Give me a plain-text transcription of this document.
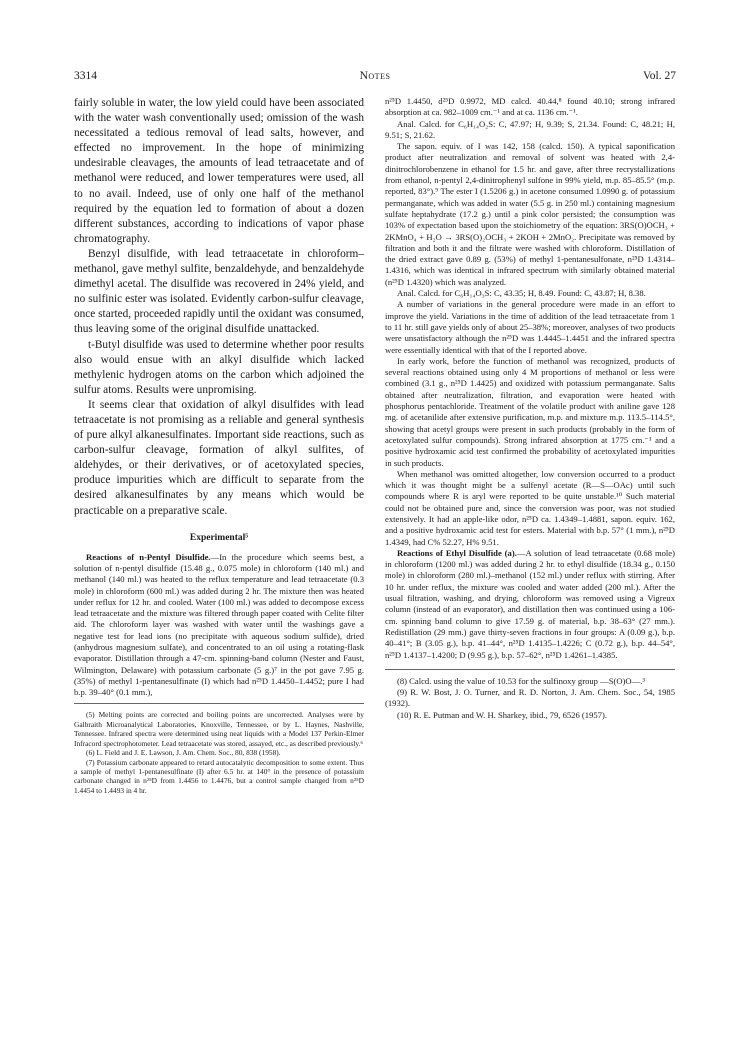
3314	Notes	Vol. 27

fairly soluble in water, the low yield could have been associated with the water wash conventionally used; omission of the wash necessitated a tedious removal of lead salts, however, and effected no improvement. In the hope of minimizing undesirable cleavages, the amounts of lead tetraacetate and of methanol were reduced, and lower temperatures were used, all to no avail. Indeed, use of only one half of the methanol required by the equation led to formation of about a dozen different substances, according to indications of vapor phase chromatography.

Benzyl disulfide, with lead tetraacetate in chloroform–methanol, gave methyl sulfite, benzaldehyde, and benzaldehyde dimethyl acetal. The disulfide was recovered in 24% yield, and no sulfinic ester was isolated. Evidently carbon-sulfur cleavage, once started, proceeded rapidly until the oxidant was consumed, thus leaving some of the original disulfide unattacked.

t-Butyl disulfide was used to determine whether poor results also would ensue with an alkyl disulfide which lacked methylenic hydrogen atoms on the carbon which adjoined the sulfur atoms. Results were unpromising.

It seems clear that oxidation of alkyl disulfides with lead tetraacetate is not promising as a reliable and general synthesis of pure alkyl alkanesulfinates. Important side reactions, such as carbon-sulfur cleavage, formation of alkyl sulfites, of aldehydes, or their derivatives, or of acetoxylated species, produce impurities which are difficult to separate from the desired alkanesulfinates by any means which would be practicable on a preparative scale.

Experimental⁵

Reactions of n-Pentyl Disulfide.—In the procedure which seems best, a solution of n-pentyl disulfide (15.48 g., 0.075 mole) in chloroform (140 ml.) and methanol (140 ml.) was heated to the reflux temperature and lead tetraacetate (0.3 mole) in chloroform (600 ml.) was added during 2 hr. The mixture then was heated under reflux for 12 hr. and cooled. Water (100 ml.) was added to decompose excess lead tetraacetate and the mixture was filtered through paper coated with Celite filter aid. The chloroform layer was washed with water until the washings gave a negative test for lead ions (no precipitate with aqueous sodium sulfide), dried (anhydrous magnesium sulfate), and concentrated to an oil using a rotating-flask evaporator. Distillation through a 47-cm. spinning-band column (Nester and Faust, Wilmington, Delaware) with potassium carbonate (5 g.)⁷ in the pot gave 7.95 g. (35%) of methyl 1-pentanesulfinate (I) which had n²⁵D 1.4450–1.4452; pure I had b.p. 39–40° (0.1 mm.),

(5) Melting points are corrected and boiling points are uncorrected. Analyses were by Galbraith Microanalytical Laboratories, Knoxville, Tennessee, or by L. Haynes, Nashville, Tennessee. Infrared spectra were determined using neat liquids with a Model 137 Perkin-Elmer Infracord spectrophotometer. Lead tetraacetate was stored, assayed, etc., as described previously.⁶

(6) L. Field and J. E. Lawson, J. Am. Chem. Soc., 80, 838 (1958).

(7) Potassium carbonate appeared to retard autocatalytic decomposition to some extent. Thus a sample of methyl 1-pentanesulfinate (I) after 6.5 hr. at 140° in the presence of potassium carbonate changed in n²⁵D from 1.4456 to 1.4476, but a control sample changed from n²⁵D 1.4454 to 1.4493 in 4 hr.

n²⁵D 1.4450, d²⁵D 0.9972, MD calcd. 40.44,⁸ found 40.10; strong infrared absorption at ca. 982–1009 cm.⁻¹ and at ca. 1136 cm.⁻¹.

Anal. Calcd. for C₆H₁₄O₂S: C, 47.97; H, 9.39; S, 21.34. Found: C, 48.21; H, 9.51; S, 21.62.

The sapon. equiv. of I was 142, 158 (calcd. 150). A typical saponification product after neutralization and removal of solvent was heated with 2,4-dinitrochlorobenzene in ethanol for 1.5 hr. and gave, after three recrystallizations from ethanol, n-pentyl 2,4-dinitrophenyl sulfone in 99% yield, m.p. 85–85.5° (m.p. reported, 83°).⁹ The ester I (1.5206 g.) in acetone consumed 1.0990 g. of potassium permanganate, which was added in water (5.5 g. in 250 ml.) containing magnesium sulfate heptahydrate (17.2 g.) until a pink color persisted; the consumption was 103% of expectation based upon the stoichiometry of the equation: 3RS(O)OCH₃ + 2KMnO₄ + H₂O → 3RS(O)₂OCH₃ + 2KOH + 2MnO₂. Precipitate was removed by filtration and both it and the filtrate were washed with chloroform. Distillation of the dried extract gave 0.89 g. (53%) of methyl 1-pentanesulfonate, n²⁵D 1.4314–1.4316, which was identical in infrared spectrum with similarly obtained material (n²⁵D 1.4320) which was analyzed.

Anal. Calcd. for C₆H₁₄O₃S: C, 43.35; H, 8.49. Found: C, 43.87; H, 8.38.

A number of variations in the general procedure were made in an effort to improve the yield. Variations in the time of addition of the lead tetraacetate from 1 to 11 hr. still gave yields only of about 25–38%; moreover, analyses of two products were unsatisfactory although the n²⁵D was 1.4445–1.4451 and the infrared spectra were essentially identical with that of the I reported above.

In early work, before the function of methanol was recognized, products of several reactions obtained using only 4 M proportions of methanol or less were combined (3.1 g., n²⁵D 1.4425) and oxidized with potassium permanganate. Salts obtained after neutralization, filtration, and evaporation were heated with phosphorus pentachloride. Treatment of the volatile product with aniline gave 128 mg. of acetanilide after extensive purification, m.p. and mixture m.p. 113.5–114.5°, showing that acetyl groups were present in such products (probably in the form of acetoxylated sulfur compounds). Strong infrared absorption at 1775 cm.⁻¹ and a positive hydroxamic acid test confirmed the probability of acetoxylated impurities in such products.

When methanol was omitted altogether, low conversion occurred to a product which it was thought might be a sulfenyl acetate (R—S—OAc) until such compounds where R is aryl were reported to be quite unstable.¹⁰ Such material could not be obtained pure and, since the conversion was poor, was not studied extensively. It had an apple-like odor, n²⁵D ca. 1.4349–1.4881, sapon. equiv. 162, and a positive hydroxamic acid test for esters. Material with b.p. 57° (1 mm.), n²⁵D 1.4349, had C% 52.27, H% 9.51.

Reactions of Ethyl Disulfide (a).—A solution of lead tetraacetate (0.68 mole) in chloroform (1200 ml.) was added during 2 hr. to ethyl disulfide (18.34 g., 0.150 mole) in chloroform (280 ml.)–methanol (152 ml.) under reflux with stirring. After 10 hr. under reflux, the mixture was cooled and water added (200 ml.). After the usual filtration, washing, and drying, chloroform was removed using a Vigreux column (instead of an evaporator), and distillation then was continued using a 106-cm. spinning band column to give 17.59 g. of material, b.p. 38–63° (27 mm.). Redistillation (29 mm.) gave thirty-seven fractions in four groups: A (0.09 g.), b.p. 40–41°; B (3.05 g.), b.p. 41–44°, n²⁵D 1.4135–1.4226; C (0.72 g.), b.p. 44–54°, n²⁵D 1.4137–1.4200; D (9.95 g.), b.p. 57–62°, n²⁵D 1.4261–1.4385.

(8) Calcd. using the value of 10.53 for the sulfinoxy group —S(O)O—.³

(9) R. W. Bost, J. O. Turner, and R. D. Norton, J. Am. Chem. Soc., 54, 1985 (1932).

(10) R. E. Putman and W. H. Sharkey, ibid., 79, 6526 (1957).
